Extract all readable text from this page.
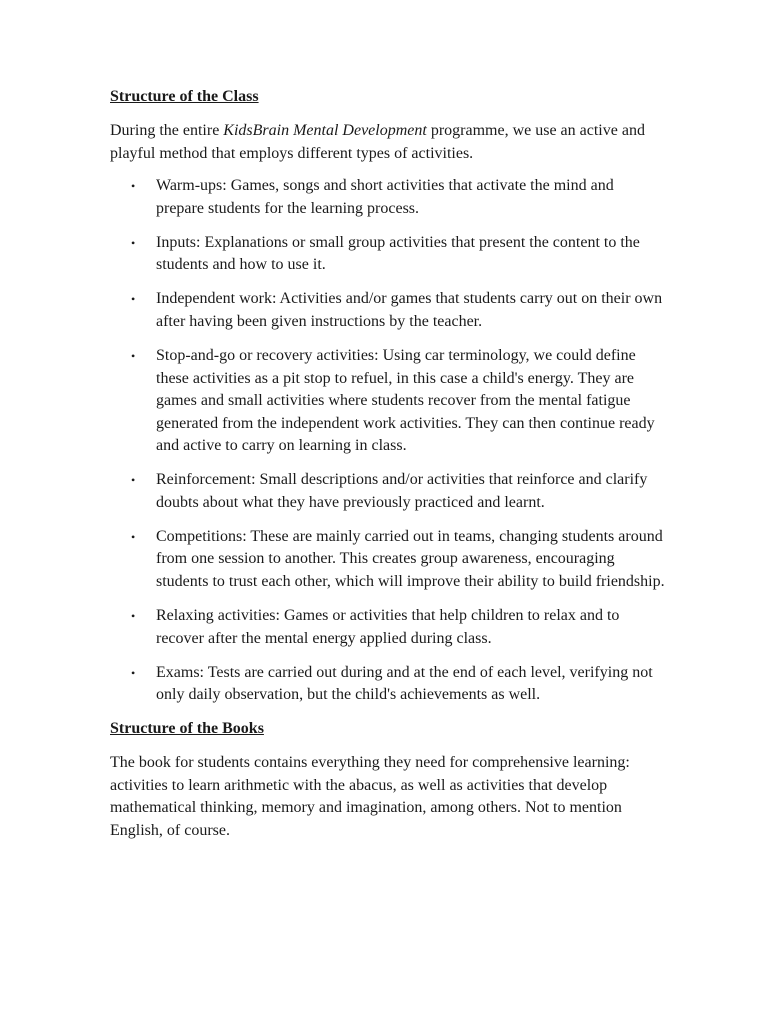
Structure of the Class

During the entire KidsBrain Mental Development programme, we use an active and playful method that employs different types of activities.

• Warm-ups: Games, songs and short activities that activate the mind and prepare students for the learning process.
• Inputs: Explanations or small group activities that present the content to the students and how to use it.
• Independent work: Activities and/or games that students carry out on their own after having been given instructions by the teacher.
• Stop-and-go or recovery activities: Using car terminology, we could define these activities as a pit stop to refuel, in this case a child's energy. They are games and small activities where students recover from the mental fatigue generated from the independent work activities. They can then continue ready and active to carry on learning in class.
• Reinforcement: Small descriptions and/or activities that reinforce and clarify doubts about what they have previously practiced and learnt.
• Competitions: These are mainly carried out in teams, changing students around from one session to another. This creates group awareness, encouraging students to trust each other, which will improve their ability to build friendship.
• Relaxing activities: Games or activities that help children to relax and to recover after the mental energy applied during class.
• Exams: Tests are carried out during and at the end of each level, verifying not only daily observation, but the child's achievements as well.

Structure of the Books

The book for students contains everything they need for comprehensive learning: activities to learn arithmetic with the abacus, as well as activities that develop mathematical thinking, memory and imagination, among others. Not to mention English, of course.
